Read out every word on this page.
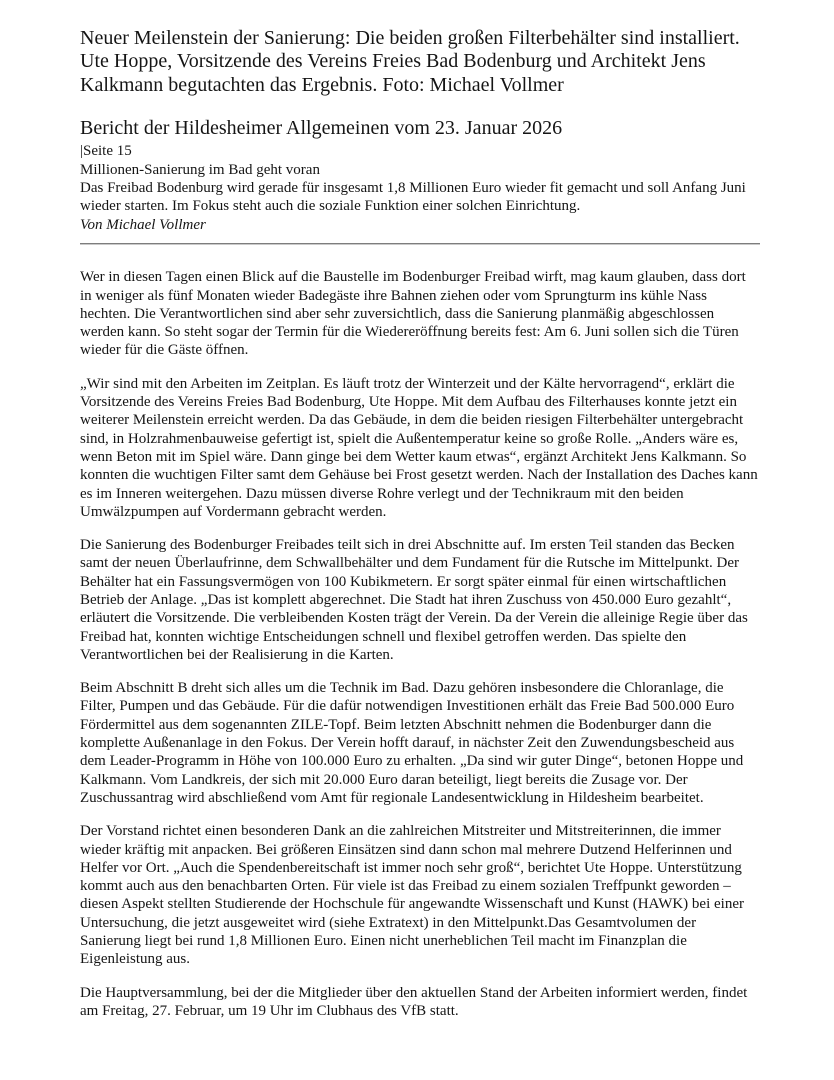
Neuer Meilenstein der Sanierung: Die beiden großen Filterbehälter sind installiert. Ute Hoppe, Vorsitzende des Vereins Freies Bad Bodenburg und Architekt Jens Kalkmann begutachten das Ergebnis. Foto: Michael Vollmer

Bericht der Hildesheimer Allgemeinen vom 23. Januar 2026

|Seite 15

Millionen-Sanierung im Bad geht voran

Das Freibad Bodenburg wird gerade für insgesamt 1,8 Millionen Euro wieder fit gemacht und soll Anfang Juni wieder starten. Im Fokus steht auch die soziale Funktion einer solchen Einrichtung.

Von Michael Vollmer

Wer in diesen Tagen einen Blick auf die Baustelle im Bodenburger Freibad wirft, mag kaum glauben, dass dort in weniger als fünf Monaten wieder Badegäste ihre Bahnen ziehen oder vom Sprungturm ins kühle Nass hechten. Die Verantwortlichen sind aber sehr zuversichtlich, dass die Sanierung planmäßig abgeschlossen werden kann. So steht sogar der Termin für die Wiedereröffnung bereits fest: Am 6. Juni sollen sich die Türen wieder für die Gäste öffnen.

„Wir sind mit den Arbeiten im Zeitplan. Es läuft trotz der Winterzeit und der Kälte hervorragend“, erklärt die Vorsitzende des Vereins Freies Bad Bodenburg, Ute Hoppe. Mit dem Aufbau des Filterhauses konnte jetzt ein weiterer Meilenstein erreicht werden. Da das Gebäude, in dem die beiden riesigen Filterbehälter untergebracht sind, in Holzrahmenbauweise gefertigt ist, spielt die Außentemperatur keine so große Rolle. „Anders wäre es, wenn Beton mit im Spiel wäre. Dann ginge bei dem Wetter kaum etwas“, ergänzt Architekt Jens Kalkmann. So konnten die wuchtigen Filter samt dem Gehäuse bei Frost gesetzt werden. Nach der Installation des Daches kann es im Inneren weitergehen. Dazu müssen diverse Rohre verlegt und der Technikraum mit den beiden Umwälzpumpen auf Vordermann gebracht werden.

Die Sanierung des Bodenburger Freibades teilt sich in drei Abschnitte auf. Im ersten Teil standen das Becken samt der neuen Überlaufrinne, dem Schwallbehälter und dem Fundament für die Rutsche im Mittelpunkt. Der Behälter hat ein Fassungsvermögen von 100 Kubikmetern. Er sorgt später einmal für einen wirtschaftlichen Betrieb der Anlage. „Das ist komplett abgerechnet. Die Stadt hat ihren Zuschuss von 450.000 Euro gezahlt“, erläutert die Vorsitzende. Die verbleibenden Kosten trägt der Verein. Da der Verein die alleinige Regie über das Freibad hat, konnten wichtige Entscheidungen schnell und flexibel getroffen werden. Das spielte den Verantwortlichen bei der Realisierung in die Karten.

Beim Abschnitt B dreht sich alles um die Technik im Bad. Dazu gehören insbesondere die Chloranlage, die Filter, Pumpen und das Gebäude. Für die dafür notwendigen Investitionen erhält das Freie Bad 500.000 Euro Fördermittel aus dem sogenannten ZILE-Topf. Beim letzten Abschnitt nehmen die Bodenburger dann die komplette Außenanlage in den Fokus. Der Verein hofft darauf, in nächster Zeit den Zuwendungsbescheid aus dem Leader-Programm in Höhe von 100.000 Euro zu erhalten. „Da sind wir guter Dinge“, betonen Hoppe und Kalkmann. Vom Landkreis, der sich mit 20.000 Euro daran beteiligt, liegt bereits die Zusage vor. Der Zuschussantrag wird abschließend vom Amt für regionale Landesentwicklung in Hildesheim bearbeitet.

Der Vorstand richtet einen besonderen Dank an die zahlreichen Mitstreiter und Mitstreiterinnen, die immer wieder kräftig mit anpacken. Bei größeren Einsätzen sind dann schon mal mehrere Dutzend Helferinnen und Helfer vor Ort. „Auch die Spendenbereitschaft ist immer noch sehr groß“, berichtet Ute Hoppe. Unterstützung kommt auch aus den benachbarten Orten. Für viele ist das Freibad zu einem sozialen Treffpunkt geworden – diesen Aspekt stellten Studierende der Hochschule für angewandte Wissenschaft und Kunst (HAWK) bei einer Untersuchung, die jetzt ausgeweitet wird (siehe Extratext) in den Mittelpunkt.Das Gesamtvolumen der Sanierung liegt bei rund 1,8 Millionen Euro. Einen nicht unerheblichen Teil macht im Finanzplan die Eigenleistung aus.

Die Hauptversammlung, bei der die Mitglieder über den aktuellen Stand der Arbeiten informiert werden, findet am Freitag, 27. Februar, um 19 Uhr im Clubhaus des VfB statt.
